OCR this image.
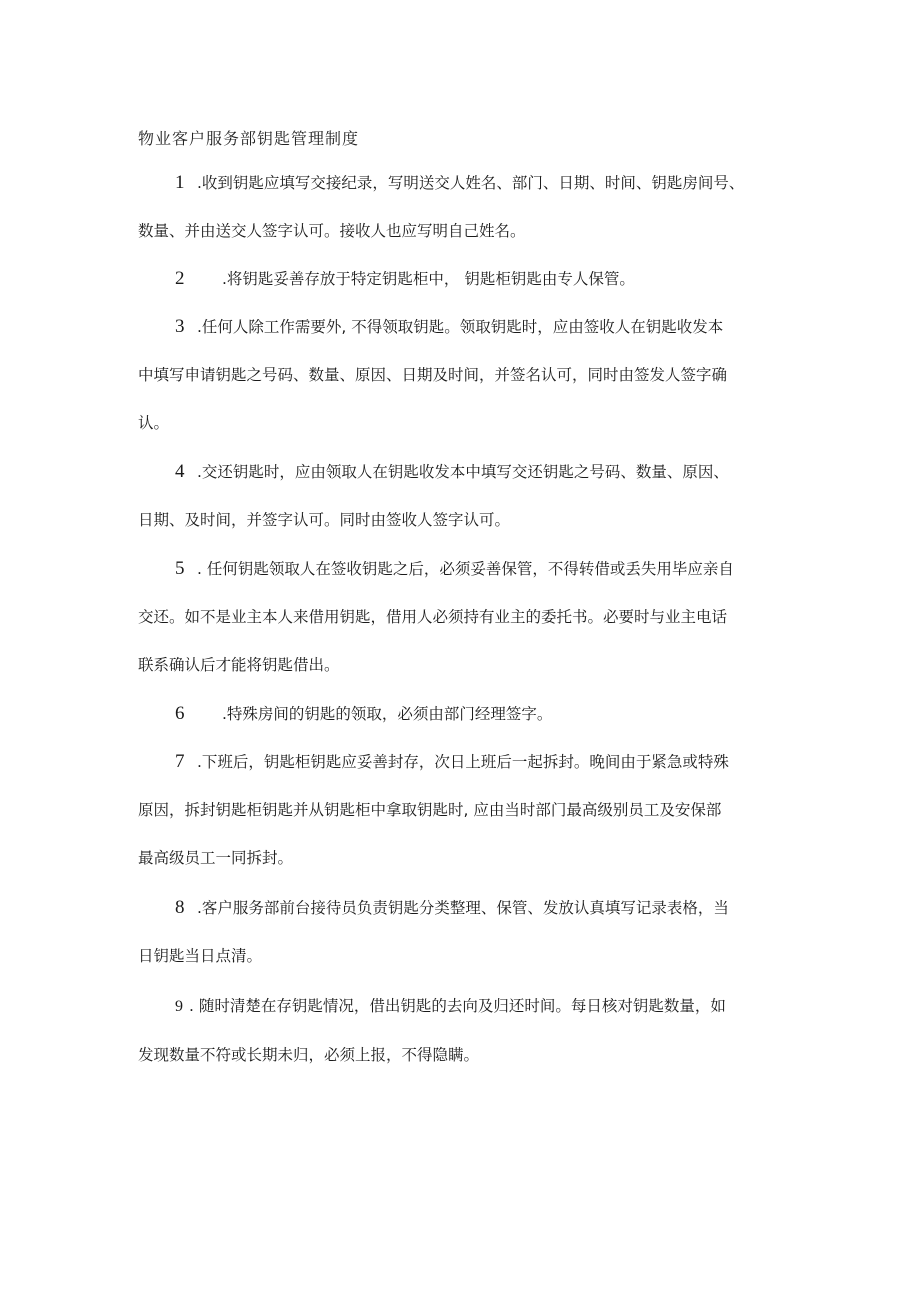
物业客户服务部钥匙管理制度
1 .收到钥匙应填写交接纪录，写明送交人姓名、部门、日期、时间、钥匙房间号、
数量、并由送交人签字认可。接收人也应写明自己姓名。
2 .将钥匙妥善存放于特定钥匙柜中， 钥匙柜钥匙由专人保管。
3 .任何人除工作需要外, 不得领取钥匙。领取钥匙时，应由签收人在钥匙收发本
中填写申请钥匙之号码、数量、原因、日期及时间，并签名认可，同时由签发人签字确
认。
4 .交还钥匙时，应由领取人在钥匙收发本中填写交还钥匙之号码、数量、原因、
日期、及时间，并签字认可。同时由签收人签字认可。
5 . 任何钥匙领取人在签收钥匙之后，必须妥善保管，不得转借或丢失用毕应亲自
交还。如不是业主本人来借用钥匙，借用人必须持有业主的委托书。必要时与业主电话
联系确认后才能将钥匙借出。
6 .特殊房间的钥匙的领取，必须由部门经理签字。
7 .下班后，钥匙柜钥匙应妥善封存，次日上班后一起拆封。晚间由于紧急或特殊
原因，拆封钥匙柜钥匙并从钥匙柜中拿取钥匙时, 应由当时部门最高级别员工及安保部
最高级员工一同拆封。
8 .客户服务部前台接待员负责钥匙分类整理、保管、发放认真填写记录表格，当
日钥匙当日点清。
9 . 随时清楚在存钥匙情况，借出钥匙的去向及归还时间。每日核对钥匙数量，如
发现数量不符或长期未归，必须上报，不得隐瞒。
